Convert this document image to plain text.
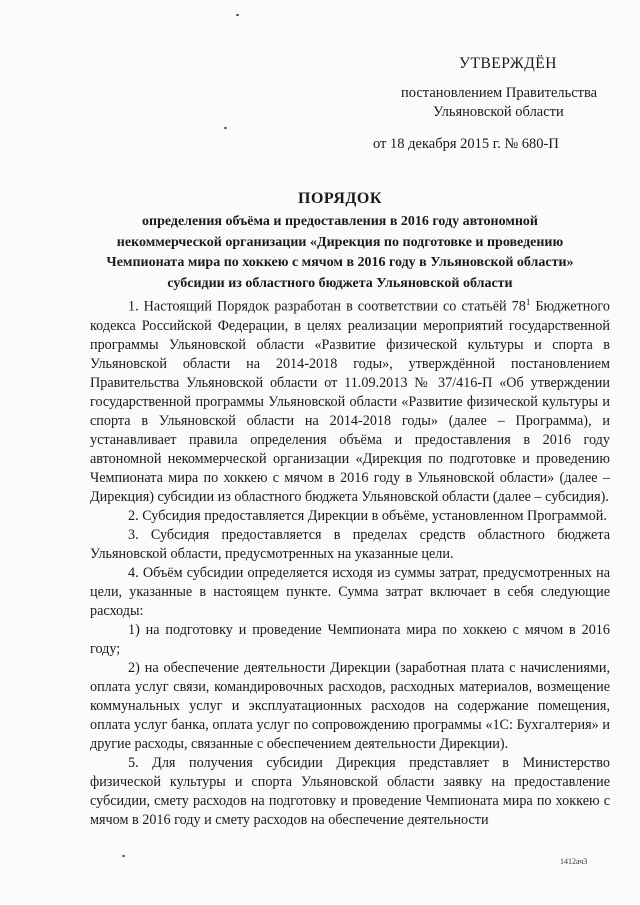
УТВЕРЖДЁН
постановлением Правительства
Ульяновской области
от 18 декабря 2015 г. № 680-П
ПОРЯДОК
определения объёма и предоставления в 2016 году автономной
некоммерческой организации «Дирекция по подготовке и проведению
Чемпионата мира по хоккею с мячом в 2016 году в Ульяновской области»
субсидии из областного бюджета Ульяновской области

1. Настоящий Порядок разработан в соответствии со статьёй $78^1$ Бюджетного кодекса Российской Федерации, в целях реализации мероприятий государственной программы Ульяновской области «Развитие физической культуры и спорта в Ульяновской области на 2014-2018 годы», утверждённой постановлением Правительства Ульяновской области от 11.09.2013 № 37/416-П «Об утверждении государственной программы Ульяновской области «Развитие физической культуры и спорта в Ульяновской области на 2014-2018 годы» (далее – Программа), и устанавливает правила определения объёма и предоставления в 2016 году автономной некоммерческой организации «Дирекция по подготовке и проведению Чемпионата мира по хоккею с мячом в 2016 году в Ульяновской области» (далее – Дирекция) субсидии из областного бюджета Ульяновской области (далее – субсидия).

2. Субсидия предоставляется Дирекции в объёме, установленном Программой.

3. Субсидия предоставляется в пределах средств областного бюджета Ульяновской области, предусмотренных на указанные цели.

4. Объём субсидии определяется исходя из суммы затрат, предусмотренных на цели, указанные в настоящем пункте. Сумма затрат включает в себя следующие расходы:

1) на подготовку и проведение Чемпионата мира по хоккею с мячом в 2016 году;

2) на обеспечение деятельности Дирекции (заработная плата с начислениями, оплата услуг связи, командировочных расходов, расходных материалов, возмещение коммунальных услуг и эксплуатационных расходов на содержание помещения, оплата услуг банка, оплата услуг по сопровождению программы «1С: Бухгалтерия» и другие расходы, связанные с обеспечением деятельности Дирекции).

5. Для получения субсидии Дирекция представляет в Министерство физической культуры и спорта Ульяновской области заявку на предоставление субсидии, смету расходов на подготовку и проведение Чемпионата мира по хоккею с мячом в 2016 году и смету расходов на обеспечение деятельности

1412ач3
